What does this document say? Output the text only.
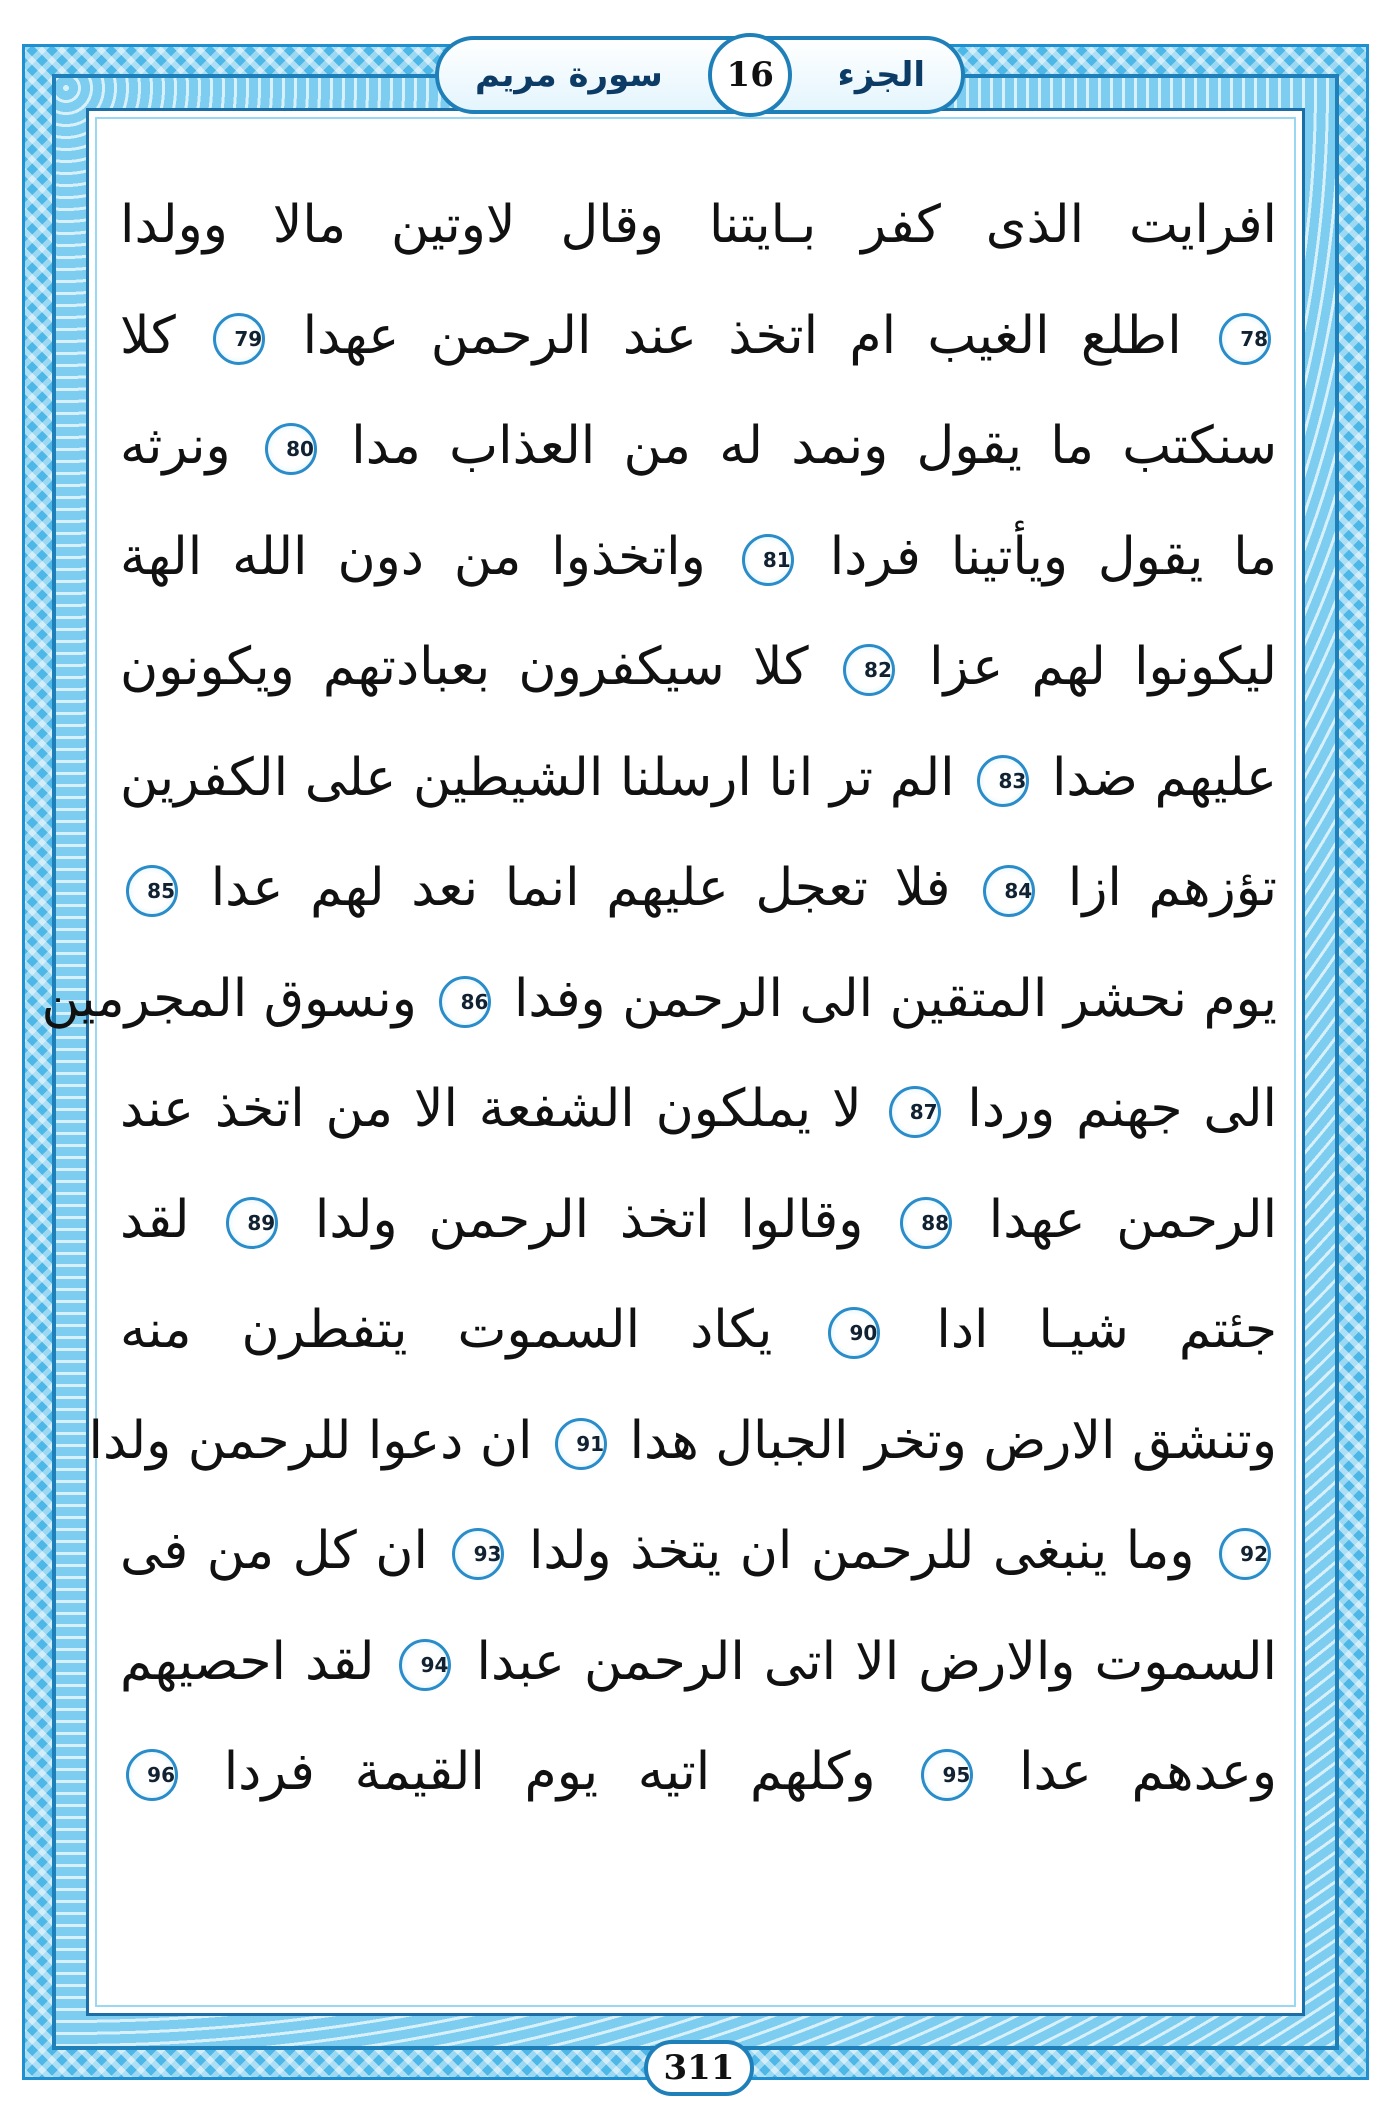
الجزء
16
سورة مريم
افرايت الذى كفر بـايتنا وقال لاوتين مالا وولدا
78 اطلع الغيب ام اتخذ عند الرحمن عهدا 79 كلا
سنكتب ما يقول ونمد له من العذاب مدا 80 ونرثه
ما يقول ويأتينا فردا 81 واتخذوا من دون الله الهة
ليكونوا لهم عزا 82 كلا سيكفرون بعبادتهم ويكونون
عليهم ضدا 83 الم تر انا ارسلنا الشيطين على الكفرين
تؤزهم ازا 84 فلا تعجل عليهم انما نعد لهم عدا 85
يوم نحشر المتقين الى الرحمن وفدا 86 ونسوق المجرمين
الى جهنم وردا 87 لا يملكون الشفعة الا من اتخذ عند
الرحمن عهدا 88 وقالوا اتخذ الرحمن ولدا 89 لقد
جئتم شيـا ادا 90 يكاد السموت يتفطرن منه
وتنشق الارض وتخر الجبال هدا 91 ان دعوا للرحمن ولدا
92 وما ينبغى للرحمن ان يتخذ ولدا 93 ان كل من فى
السموت والارض الا اتى الرحمن عبدا 94 لقد احصيهم
وعدهم عدا 95 وكلهم اتيه يوم القيمة فردا 96
311
